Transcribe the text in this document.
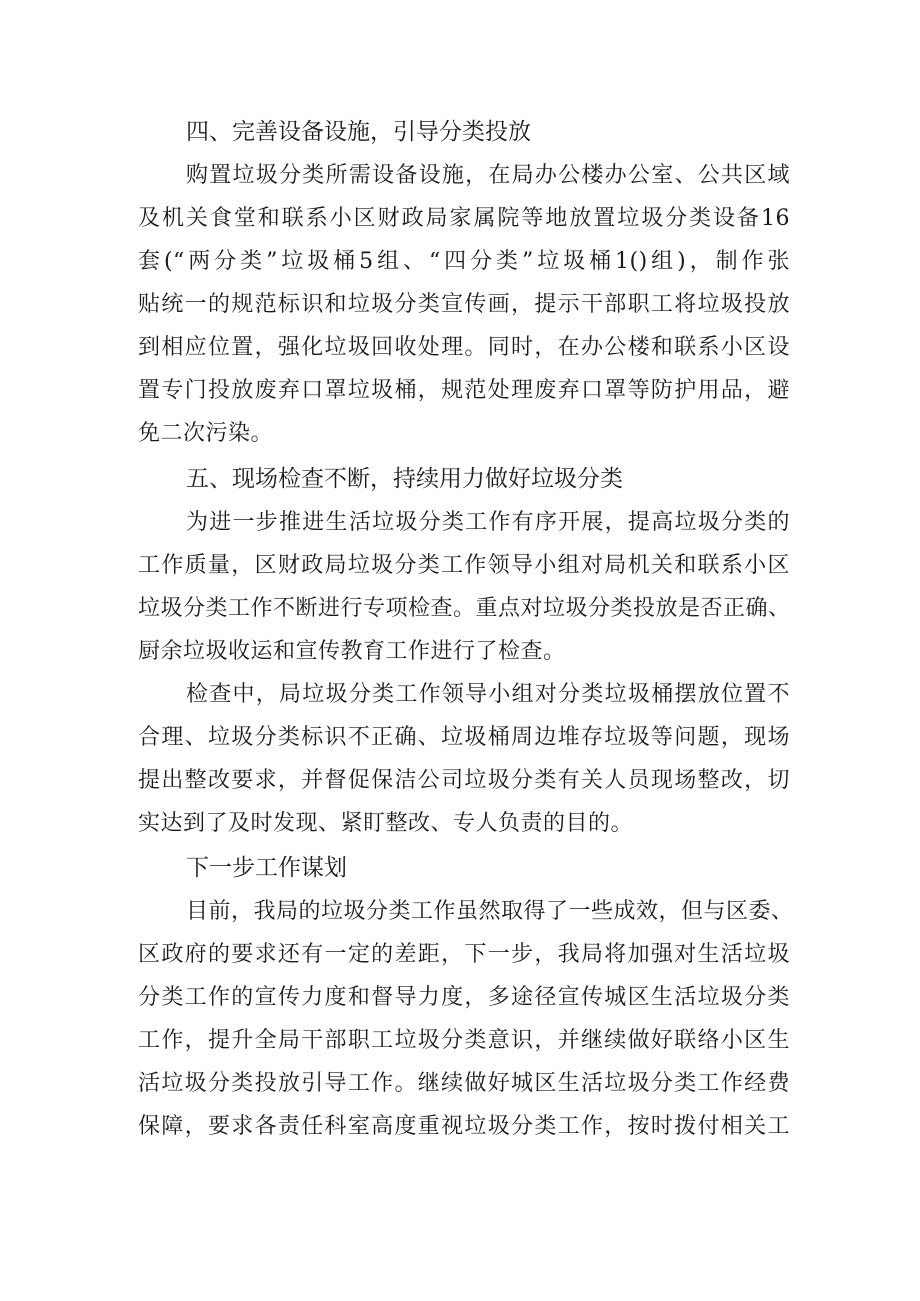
四、完善设备设施，引导分类投放
购置垃圾分类所需设备设施，在局办公楼办公室、公共区域
及机关食堂和联系小区财政局家属院等地放置垃圾分类设备16
套(“两分类”垃圾桶5组、“四分类”垃圾桶1()组)，制作张
贴统一的规范标识和垃圾分类宣传画，提示干部职工将垃圾投放
到相应位置，强化垃圾回收处理。同时，在办公楼和联系小区设
置专门投放废弃口罩垃圾桶，规范处理废弃口罩等防护用品，避
免二次污染。
五、现场检查不断，持续用力做好垃圾分类
为进一步推进生活垃圾分类工作有序开展，提高垃圾分类的
工作质量，区财政局垃圾分类工作领导小组对局机关和联系小区
垃圾分类工作不断进行专项检查。重点对垃圾分类投放是否正确、
厨余垃圾收运和宣传教育工作进行了检查。
检查中，局垃圾分类工作领导小组对分类垃圾桶摆放位置不
合理、垃圾分类标识不正确、垃圾桶周边堆存垃圾等问题，现场
提出整改要求，并督促保洁公司垃圾分类有关人员现场整改，切
实达到了及时发现、紧盯整改、专人负责的目的。
下一步工作谋划
目前，我局的垃圾分类工作虽然取得了一些成效，但与区委、
区政府的要求还有一定的差距，下一步，我局将加强对生活垃圾
分类工作的宣传力度和督导力度，多途径宣传城区生活垃圾分类
工作，提升全局干部职工垃圾分类意识，并继续做好联络小区生
活垃圾分类投放引导工作。继续做好城区生活垃圾分类工作经费
保障，要求各责任科室高度重视垃圾分类工作，按时拨付相关工
